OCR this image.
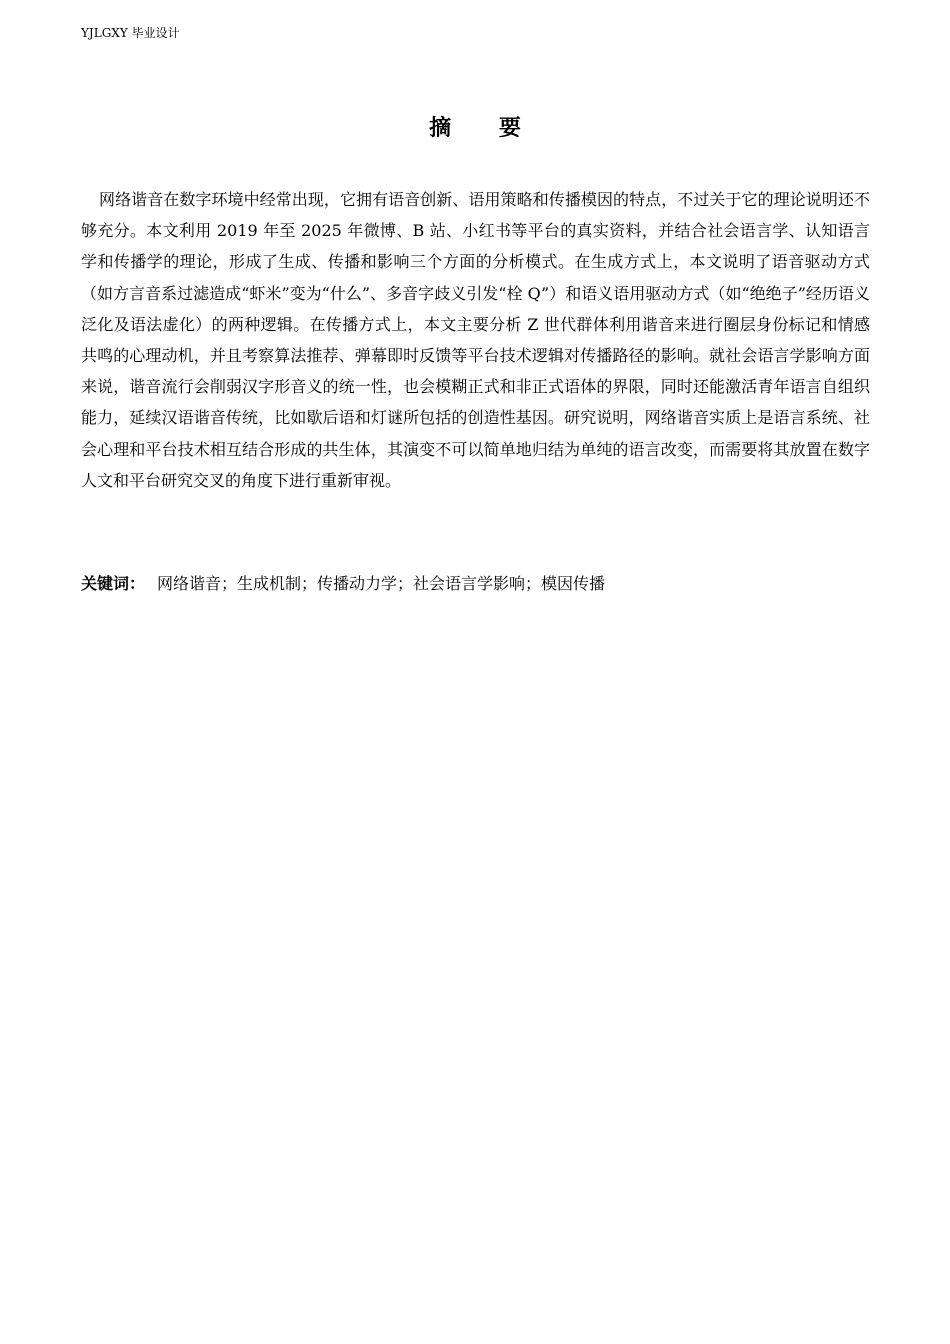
YJLGXY 毕业设计
摘 要

网络谐音在数字环境中经常出现，它拥有语音创新、语用策略和传播模因的特点，不过关于它的理论说明还不够充分。本文利用 2019 年至 2025 年微博、B 站、小红书等平台的真实资料，并结合社会语言学、认知语言学和传播学的理论，形成了生成、传播和影响三个方面的分析模式。在生成方式上，本文说明了语音驱动方式（如方言音系过滤造成“虾米”变为“什么”、多音字歧义引发“栓 Q”）和语义语用驱动方式（如“绝绝子”经历语义泛化及语法虚化）的两种逻辑。在传播方式上，本文主要分析 Z 世代群体利用谐音来进行圈层身份标记和情感共鸣的心理动机，并且考察算法推荐、弹幕即时反馈等平台技术逻辑对传播路径的影响。就社会语言学影响方面来说，谐音流行会削弱汉字形音义的统一性，也会模糊正式和非正式语体的界限，同时还能激活青年语言自组织能力，延续汉语谐音传统，比如歇后语和灯谜所包括的创造性基因。研究说明，网络谐音实质上是语言系统、社会心理和平台技术相互结合形成的共生体，其演变不可以简单地归结为单纯的语言改变，而需要将其放置在数字人文和平台研究交叉的角度下进行重新审视。

关键词： 网络谐音；生成机制；传播动力学；社会语言学影响；模因传播
